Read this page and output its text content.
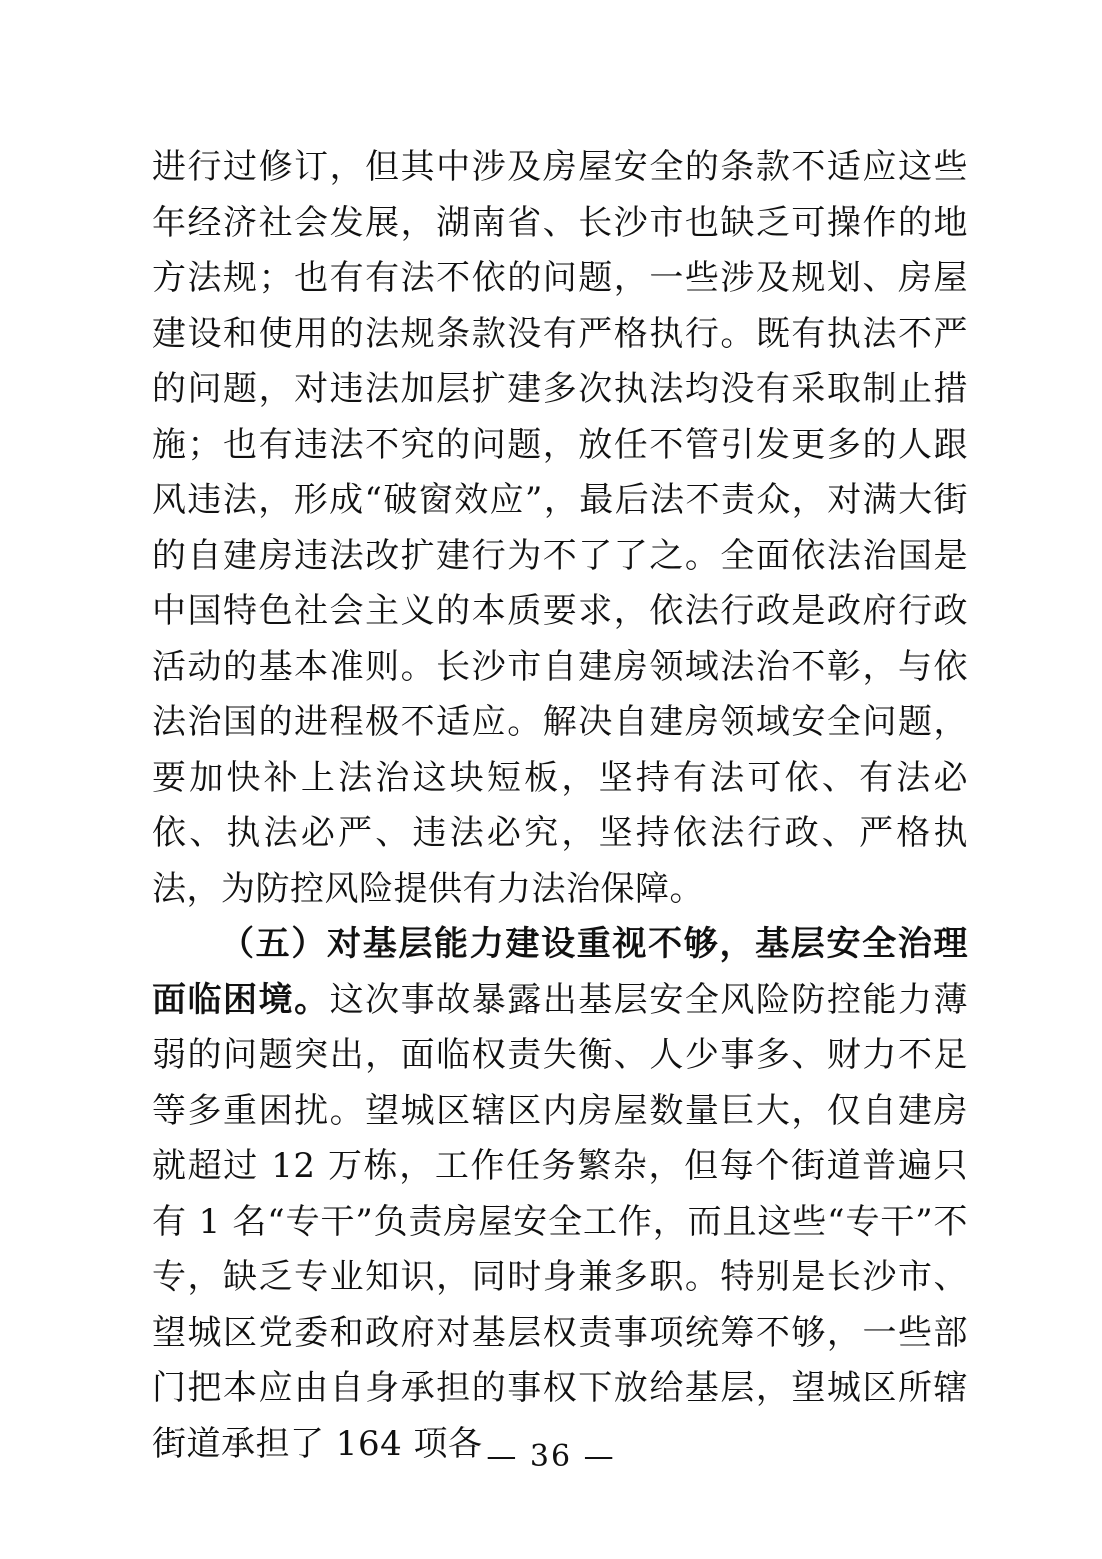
进行过修订，但其中涉及房屋安全的条款不适应这些年经济社会发展，湖南省、长沙市也缺乏可操作的地方法规；也有有法不依的问题，一些涉及规划、房屋建设和使用的法规条款没有严格执行。既有执法不严的问题，对违法加层扩建多次执法均没有采取制止措施；也有违法不究的问题，放任不管引发更多的人跟风违法，形成“破窗效应”，最后法不责众，对满大街的自建房违法改扩建行为不了了之。全面依法治国是中国特色社会主义的本质要求，依法行政是政府行政活动的基本准则。长沙市自建房领域法治不彰，与依法治国的进程极不适应。解决自建房领域安全问题，要加快补上法治这块短板，坚持有法可依、有法必依、执法必严、违法必究，坚持依法行政、严格执法，为防控风险提供有力法治保障。

（五）对基层能力建设重视不够，基层安全治理面临困境。这次事故暴露出基层安全风险防控能力薄弱的问题突出，面临权责失衡、人少事多、财力不足等多重困扰。望城区辖区内房屋数量巨大，仅自建房就超过 12 万栋，工作任务繁杂，但每个街道普遍只有 1 名“专干”负责房屋安全工作，而且这些“专干”不专，缺乏专业知识，同时身兼多职。特别是长沙市、望城区党委和政府对基层权责事项统筹不够，一些部门把本应由自身承担的事权下放给基层，望城区所辖街道承担了 164 项各 — 36 —
